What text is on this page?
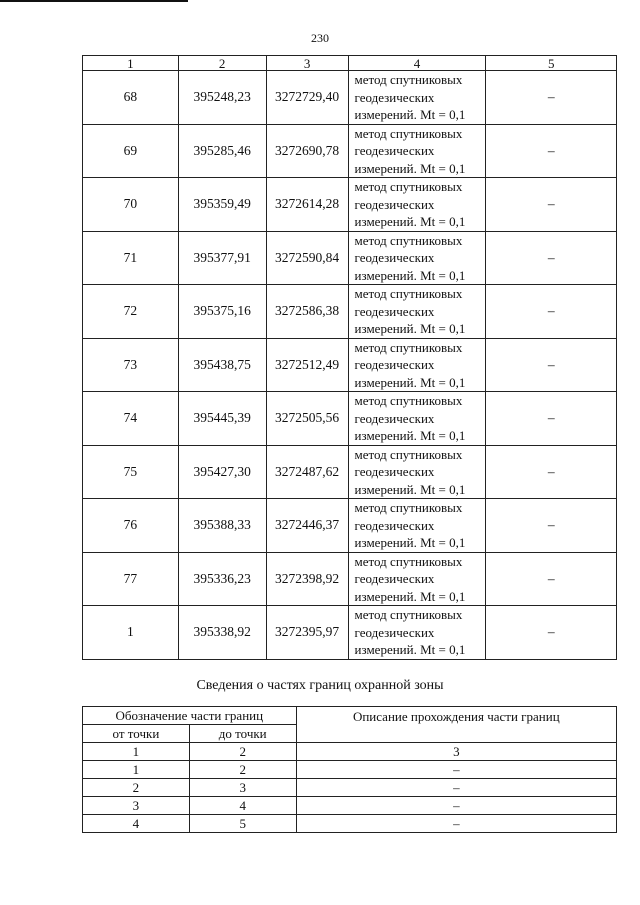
230
1	2	3	4	5
68	395248,23	3272729,40	метод спутниковых
геодезических
измерений. Mt = 0,1	–
69	395285,46	3272690,78	метод спутниковых
геодезических
измерений. Mt = 0,1	–
70	395359,49	3272614,28	метод спутниковых
геодезических
измерений. Mt = 0,1	–
71	395377,91	3272590,84	метод спутниковых
геодезических
измерений. Mt = 0,1	–
72	395375,16	3272586,38	метод спутниковых
геодезических
измерений. Mt = 0,1	–
73	395438,75	3272512,49	метод спутниковых
геодезических
измерений. Mt = 0,1	–
74	395445,39	3272505,56	метод спутниковых
геодезических
измерений. Mt = 0,1	–
75	395427,30	3272487,62	метод спутниковых
геодезических
измерений. Mt = 0,1	–
76	395388,33	3272446,37	метод спутниковых
геодезических
измерений. Mt = 0,1	–
77	395336,23	3272398,92	метод спутниковых
геодезических
измерений. Mt = 0,1	–
1	395338,92	3272395,97	метод спутниковых
геодезических
измерений. Mt = 0,1	–
Сведения о частях границ охранной зоны
Обозначение части границ		Описание прохождения части границ
от точки	до точки	
1	2	3
1	2	–
2	3	–
3	4	–
4	5	–
